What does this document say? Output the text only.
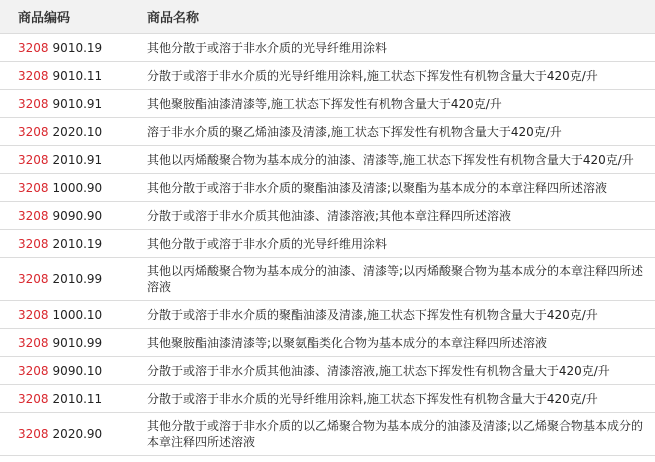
商品编码	商品名称
3208 9010.19	其他分散于或溶于非水介质的光导纤维用涂料
3208 9010.11	分散于或溶于非水介质的光导纤维用涂料,施工状态下挥发性有机物含量大于420克/升
3208 9010.91	其他聚胺酯油漆清漆等,施工状态下挥发性有机物含量大于420克/升
3208 2020.10	溶于非水介质的聚乙烯油漆及清漆,施工状态下挥发性有机物含量大于420克/升
3208 2010.91	其他以丙烯酸聚合物为基本成分的油漆、清漆等,施工状态下挥发性有机物含量大于420克/升
3208 1000.90	其他分散于或溶于非水介质的聚酯油漆及清漆;以聚酯为基本成分的本章注释四所述溶液
3208 9090.90	分散于或溶于非水介质其他油漆、清漆溶液;其他本章注释四所述溶液
3208 2010.19	其他分散于或溶于非水介质的光导纤维用涂料
3208 2010.99	其他以丙烯酸聚合物为基本成分的油漆、清漆等;以丙烯酸聚合物为基本成分的本章注释四所述溶液
3208 1000.10	分散于或溶于非水介质的聚酯油漆及清漆,施工状态下挥发性有机物含量大于420克/升
3208 9010.99	其他聚胺酯油漆清漆等;以聚氨酯类化合物为基本成分的本章注释四所述溶液
3208 9090.10	分散于或溶于非水介质其他油漆、清漆溶液,施工状态下挥发性有机物含量大于420克/升
3208 2010.11	分散于或溶于非水介质的光导纤维用涂料,施工状态下挥发性有机物含量大于420克/升
3208 2020.90	其他分散于或溶于非水介质的以乙烯聚合物为基本成分的油漆及清漆;以乙烯聚合物基本成分的本章注释四所述溶液
